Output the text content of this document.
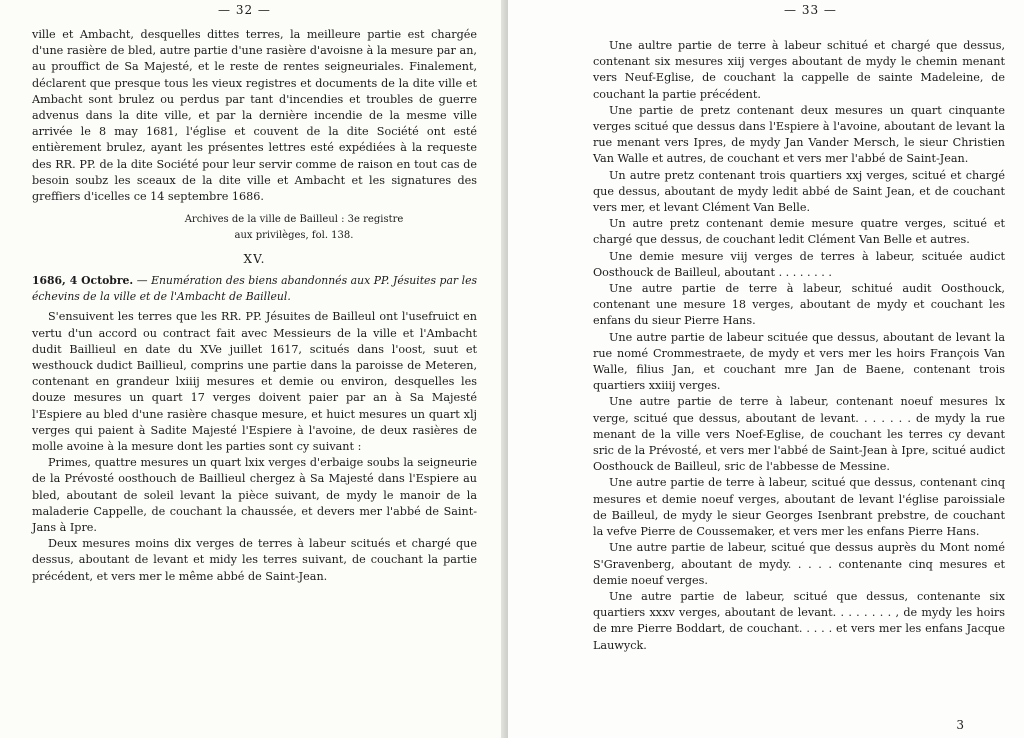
— 32 —

ville et Ambacht, desquelles dittes terres, la meilleure partie est chargée d'une rasière de bled, autre partie d'une rasière d'avoisne à la mesure par an, au prouffict de Sa Majesté, et le reste de rentes seigneuriales. Finalement, déclarent que presque tous les vieux registres et documents de la dite ville et Ambacht sont brulez ou perdus par tant d'incendies et troubles de guerre advenus dans la dite ville, et par la dernière incendie de la mesme ville arrivée le 8 may 1681, l'église et couvent de la dite Société ont esté entièrement brulez, ayant les présentes lettres esté expédiées à la requeste des RR. PP. de la dite Société pour leur servir comme de raison en tout cas de besoin soubz les sceaux de la dite ville et Ambacht et les signatures des greffiers d'icelles ce 14 septembre 1686.

Archives de la ville de Bailleul : 3e registre aux privilèges, fol. 138.
XV.

1686, 4 Octobre. — Enumération des biens abandonnés aux PP. Jésuites par les échevins de la ville et de l'Ambacht de Bailleul.

S'ensuivent les terres que les RR. PP. Jésuites de Bailleul ont l'usefruict en vertu d'un accord ou contract fait avec Messieurs de la ville et l'Ambacht dudit Baillieul en date du XVe juillet 1617, scitués dans l'oost, suut et westhouck dudict Baillieul, comprins une partie dans la paroisse de Meteren, contenant en grandeur lxiiij mesures et demie ou environ, desquelles les douze mesures un quart 17 verges doivent paier par an à Sa Majesté l'Espiere au bled d'une rasière chasque mesure, et huict mesures un quart xlj verges qui paient à Sadite Majesté l'Espiere à l'avoine, de deux rasières de molle avoine à la mesure dont les parties sont cy suivant :

Primes, quattre mesures un quart lxix verges d'erbaige soubs la seigneurie de la Prévosté oosthouch de Baillieul chergez à Sa Majesté dans l'Espiere au bled, aboutant de soleil levant la pièce suivant, de mydy le manoir de la maladerie Cappelle, de couchant la chaussée, et devers mer l'abbé de Saint-Jans à Ipre.

Deux mesures moins dix verges de terres à labeur scitués et chargé que dessus, aboutant de levant et midy les terres suivant, de couchant la partie précédent, et vers mer le même abbé de Saint-Jean.

— 33 —

Une aultre partie de terre à labeur schitué et chargé que dessus, contenant six mesures xiij verges aboutant de mydy le chemin menant vers Neuf-Eglise, de couchant la cappelle de sainte Madeleine, de couchant la partie précédent.

Une partie de pretz contenant deux mesures un quart cinquante verges scitué que dessus dans l'Espiere à l'avoine, aboutant de levant la rue menant vers Ipres, de mydy Jan Vander Mersch, le sieur Christien Van Walle et autres, de couchant et vers mer l'abbé de Saint-Jean.

Un autre pretz contenant trois quartiers xxj verges, scitué et chargé que dessus, aboutant de mydy ledit abbé de Saint Jean, et de couchant vers mer, et levant Clément Van Belle.

Un autre pretz contenant demie mesure quatre verges, scitué et chargé que dessus, de couchant ledit Clément Van Belle et autres.

Une demie mesure viij verges de terres à labeur, scituée audict Oosthouck de Bailleul, aboutant . . . . . . . .

Une autre partie de terre à labeur, schitué audit Oosthouck, contenant une mesure 18 verges, aboutant de mydy et couchant les enfans du sieur Pierre Hans.

Une autre partie de labeur scituée que dessus, aboutant de levant la rue nomé Crommestraete, de mydy et vers mer les hoirs François Van Walle, filius Jan, et couchant mre Jan de Baene, contenant trois quartiers xxiiij verges.

Une autre partie de terre à labeur, contenant noeuf mesures lx verge, scitué que dessus, aboutant de levant. . . . . . . de mydy la rue menant de la ville vers Noef-Eglise, de couchant les terres cy devant sric de la Prévosté, et vers mer l'abbé de Saint-Jean à Ipre, scitué audict Oosthouck de Bailleul, sric de l'abbesse de Messine.

Une autre partie de terre à labeur, scitué que dessus, contenant cinq mesures et demie noeuf verges, aboutant de levant l'église paroissiale de Bailleul, de mydy le sieur Georges Isenbrant prebstre, de couchant la vefve Pierre de Coussemaker, et vers mer les enfans Pierre Hans.

Une autre partie de labeur, scitué que dessus auprès du Mont nomé S'Gravenberg, aboutant de mydy. . . . . contenante cinq mesures et demie noeuf verges.

Une autre partie de labeur, scitué que dessus, contenante six quartiers xxxv verges, aboutant de levant. . . . . . . . , de mydy les hoirs de mre Pierre Boddart, de couchant. . . . . et vers mer les enfans Jacque Lauwyck.

3
